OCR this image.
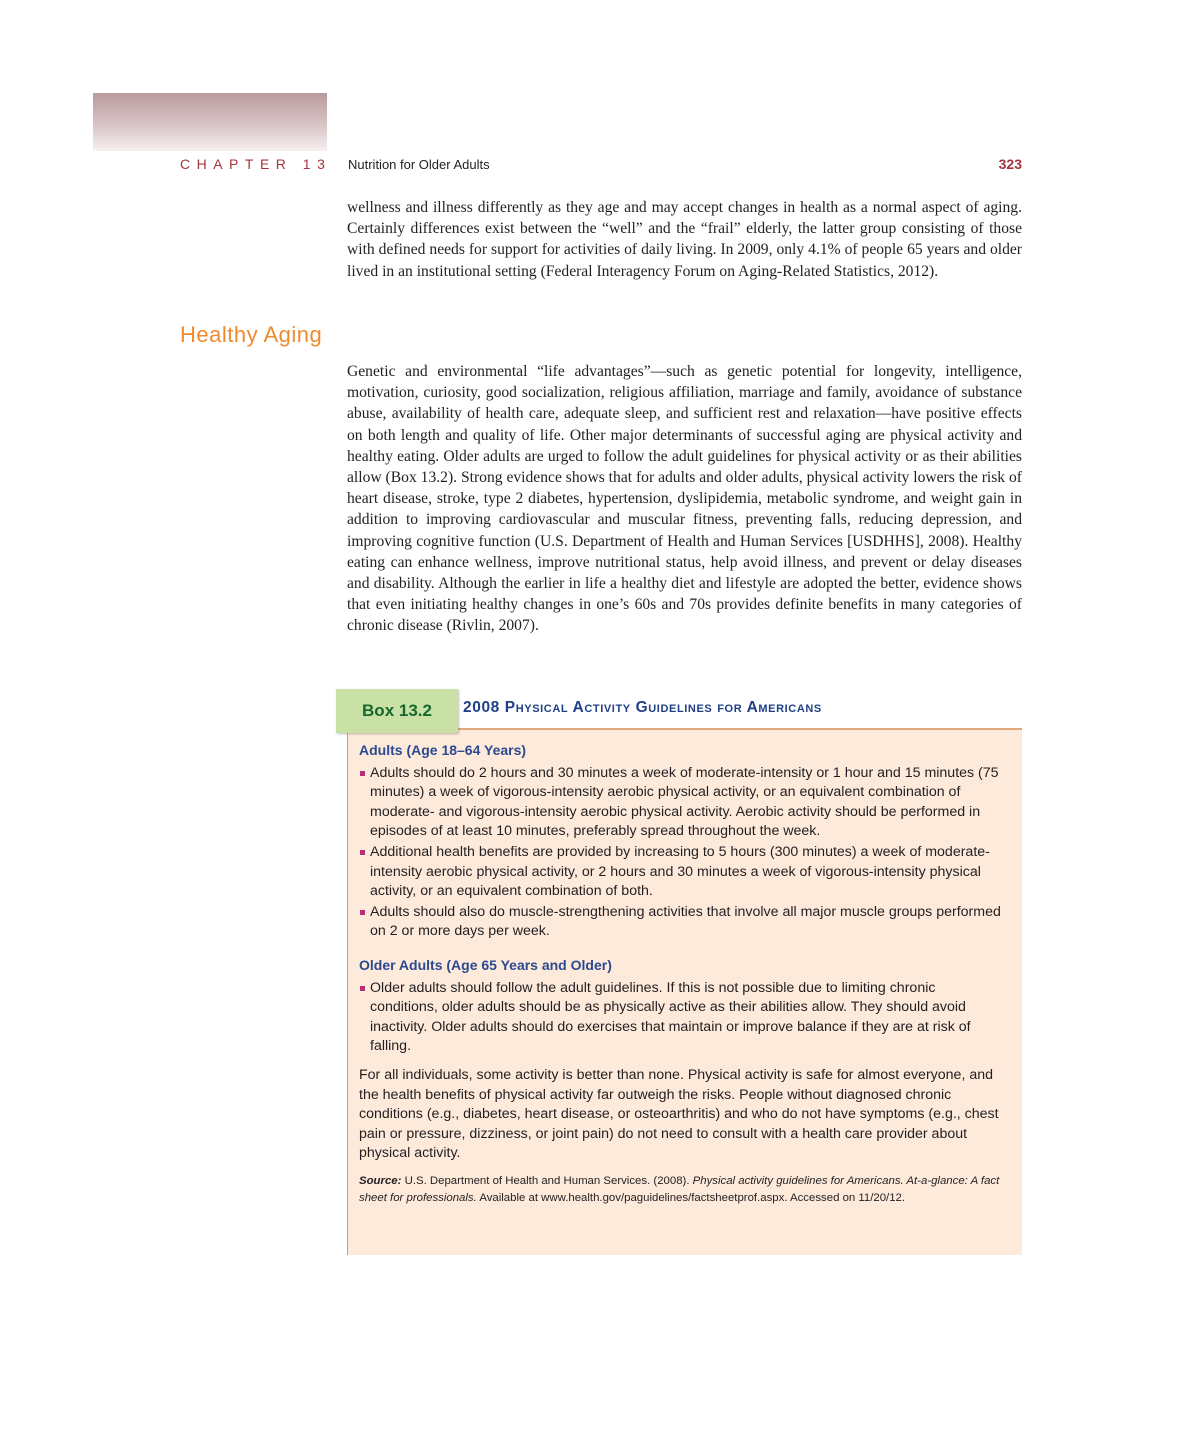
CHAPTER 13 Nutrition for Older Adults	323

wellness and illness differently as they age and may accept changes in health as a normal aspect of aging. Certainly differences exist between the “well” and the “frail” elderly, the latter group consisting of those with defined needs for support for activities of daily living. In 2009, only 4.1% of people 65 years and older lived in an institutional setting (Federal Interagency Forum on Aging-Related Statistics, 2012).

Healthy Aging

Genetic and environmental “life advantages”—such as genetic potential for longevity, intelligence, motivation, curiosity, good socialization, religious affiliation, marriage and family, avoidance of substance abuse, availability of health care, adequate sleep, and sufficient rest and relaxation—have positive effects on both length and quality of life. Other major determinants of successful aging are physical activity and healthy eating. Older adults are urged to follow the adult guidelines for physical activity or as their abilities allow (Box 13.2). Strong evidence shows that for adults and older adults, physical activity lowers the risk of heart disease, stroke, type 2 diabetes, hypertension, dyslipidemia, metabolic syndrome, and weight gain in addition to improving cardiovascular and muscular fitness, preventing falls, reducing depression, and improving cognitive function (U.S. Department of Health and Human Services [USDHHS], 2008). Healthy eating can enhance wellness, improve nutritional status, help avoid illness, and prevent or delay diseases and disability. Although the earlier in life a healthy diet and lifestyle are adopted the better, evidence shows that even initiating healthy changes in one’s 60s and 70s provides definite benefits in many categories of chronic disease (Rivlin, 2007).

Box 13.2	2008 Physical Activity Guidelines for Americans
Adults (Age 18–64 Years)
Adults should do 2 hours and 30 minutes a week of moderate-intensity or 1 hour and 15 minutes (75 minutes) a week of vigorous-intensity aerobic physical activity, or an equivalent combination of moderate- and vigorous-intensity aerobic physical activity. Aerobic activity should be performed in episodes of at least 10 minutes, preferably spread throughout the week.
Additional health benefits are provided by increasing to 5 hours (300 minutes) a week of moderate-intensity aerobic physical activity, or 2 hours and 30 minutes a week of vigorous-intensity physical activity, or an equivalent combination of both.
Adults should also do muscle-strengthening activities that involve all major muscle groups performed on 2 or more days per week.
Older Adults (Age 65 Years and Older)
Older adults should follow the adult guidelines. If this is not possible due to limiting chronic conditions, older adults should be as physically active as their abilities allow. They should avoid inactivity. Older adults should do exercises that maintain or improve balance if they are at risk of falling.

For all individuals, some activity is better than none. Physical activity is safe for almost everyone, and the health benefits of physical activity far outweigh the risks. People without diagnosed chronic conditions (e.g., diabetes, heart disease, or osteoarthritis) and who do not have symptoms (e.g., chest pain or pressure, dizziness, or joint pain) do not need to consult with a health care provider about physical activity.

Source: U.S. Department of Health and Human Services. (2008). Physical activity guidelines for Americans. At-a-glance: A fact sheet for professionals. Available at www.health.gov/paguidelines/factsheetprof.aspx. Accessed on 11/20/12.
